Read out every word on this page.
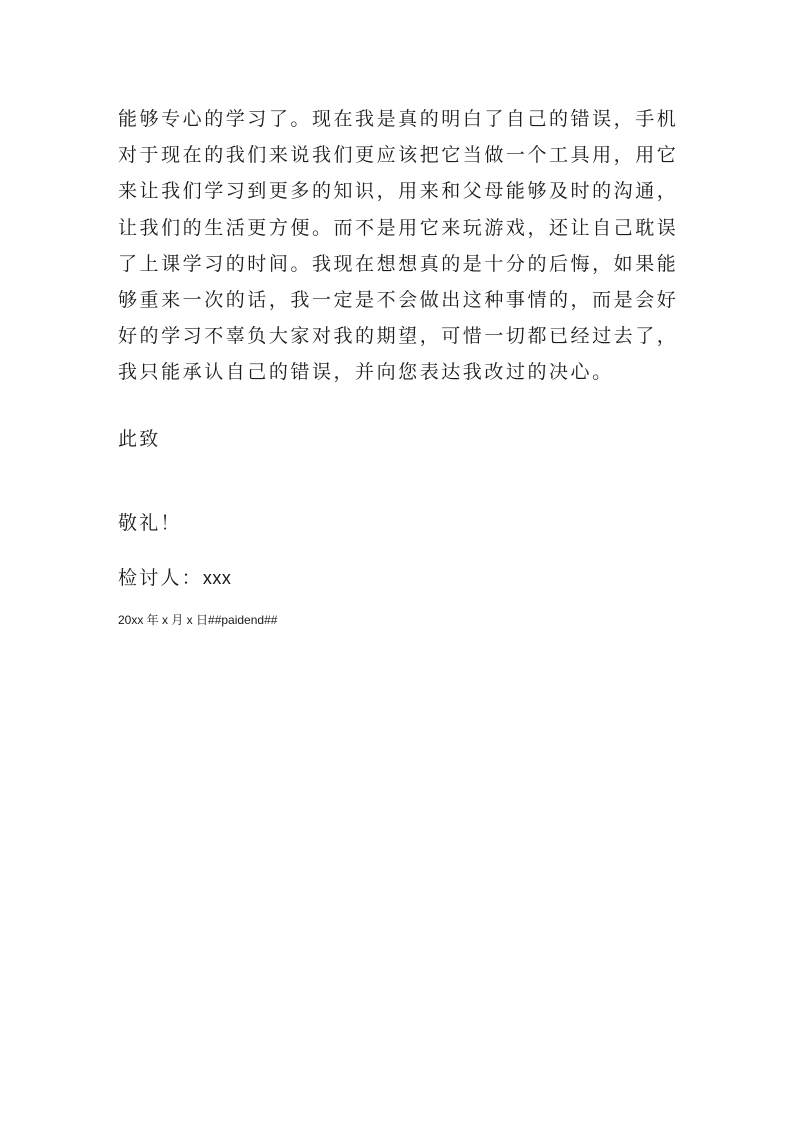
能够专心的学习了。现在我是真的明白了自己的错误，手机
对于现在的我们来说我们更应该把它当做一个工具用，用它
来让我们学习到更多的知识，用来和父母能够及时的沟通，
让我们的生活更方便。而不是用它来玩游戏，还让自己耽误
了上课学习的时间。我现在想想真的是十分的后悔，如果能
够重来一次的话，我一定是不会做出这种事情的，而是会好
好的学习不辜负大家对我的期望，可惜一切都已经过去了，
我只能承认自己的错误，并向您表达我改过的决心。

此致

敬礼！

检讨人：xxx

20xx 年 x 月 x 日##paidend##
